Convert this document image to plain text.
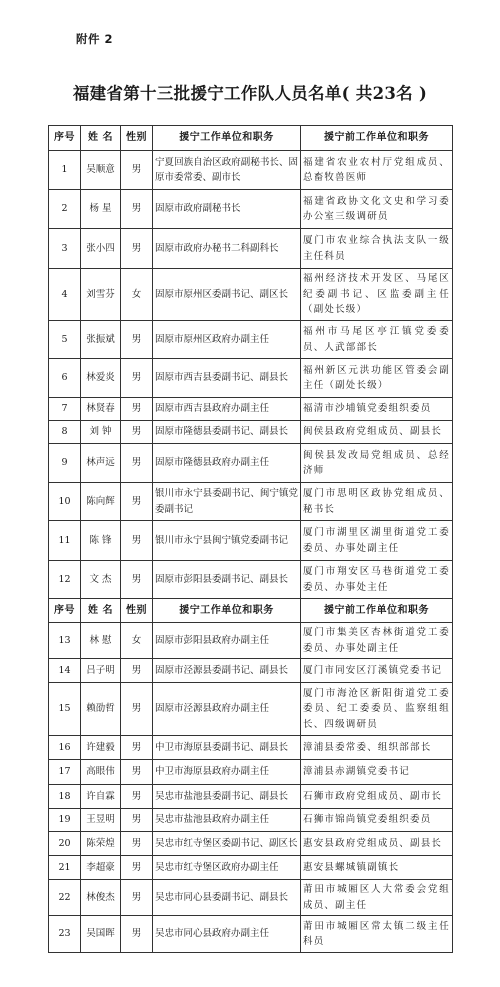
附件 2
福建省第十三批援宁工作队人员名单( 共23名 )
序号	姓 名	性别	援宁工作单位和职务	援宁前工作单位和职务
1	吴顺意	男	宁夏回族自治区政府副秘书长、固原市委常委、副市长	福建省农业农村厅党组成员、总畜牧兽医师
2	杨 星	男	固原市政府副秘书长	福建省政协文化文史和学习委办公室三级调研员
3	张小四	男	固原市政府办秘书二科副科长	厦门市农业综合执法支队一级主任科员
4	刘雪芬	女	固原市原州区委副书记、副区长	福州经济技术开发区、马尾区纪委副书记、区监委副主任（副处长级）
5	张振斌	男	固原市原州区政府办副主任	福州市马尾区亭江镇党委委员、人武部部长
6	林爱炎	男	固原市西吉县委副书记、副县长	福州新区元洪功能区管委会副主任（副处长级）
7	林贤春	男	固原市西吉县政府办副主任	福清市沙埔镇党委组织委员
8	刘 钟	男	固原市隆德县委副书记、副县长	闽侯县政府党组成员、副县长
9	林声远	男	固原市隆德县政府办副主任	闽侯县发改局党组成员、总经济师
10	陈向辉	男	银川市永宁县委副书记、闽宁镇党委副书记	厦门市思明区政协党组成员、秘书长
11	陈 锋	男	银川市永宁县闽宁镇党委副书记	厦门市湖里区湖里街道党工委委员、办事处副主任
12	文 杰	男	固原市彭阳县委副书记、副县长	厦门市翔安区马巷街道党工委委员、办事处主任
序号	姓 名	性别	援宁工作单位和职务	援宁前工作单位和职务
13	林 慰	女	固原市彭阳县政府办副主任	厦门市集美区杏林街道党工委委员、办事处副主任
14	吕子明	男	固原市泾源县委副书记、副县长	厦门市同安区汀溪镇党委书记
15	赖劭哲	男	固原市泾源县政府办副主任	厦门市海沧区新阳街道党工委委员、纪工委委员、监察组组长、四级调研员
16	许建毅	男	中卫市海原县委副书记、副县长	漳浦县委常委、组织部部长
17	高眼伟	男	中卫市海原县政府办副主任	漳浦县赤湖镇党委书记
18	许自霖	男	吴忠市盐池县委副书记、副县长	石狮市政府党组成员、副市长
19	王昱明	男	吴忠市盐池县政府办副主任	石狮市锦尚镇党委组织委员
20	陈荣煌	男	吴忠市红寺堡区委副书记、副区长	惠安县政府党组成员、副县长
21	李超豪	男	吴忠市红寺堡区政府办副主任	惠安县螺城镇副镇长
22	林俊杰	男	吴忠市同心县委副书记、副县长	莆田市城厢区人大常委会党组成员、副主任
23	吴国晖	男	吴忠市同心县政府办副主任	莆田市城厢区常太镇二级主任科员
